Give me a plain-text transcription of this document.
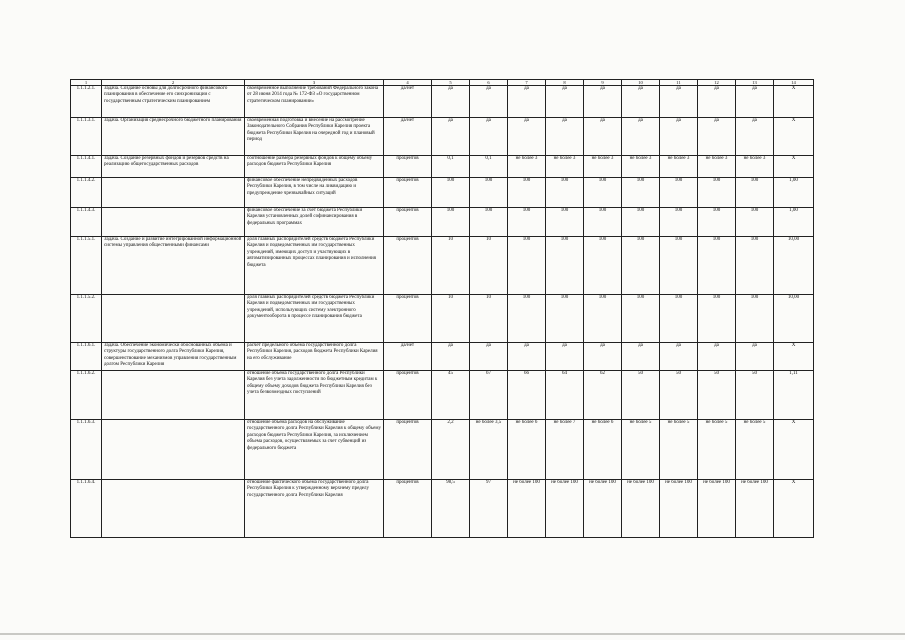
1	2	3	4	5	6	7	8	9	10	11	12	13	14
1.1.1.2.1.	Задача. Создание основы для долгосрочного финансового планирования в обеспечение его синхронизации с государственным стратегическим планированием	своевременное выполнение требований Федерального закона от 28 июня 2014 года № 172-ФЗ «О государственном стратегическом планировании»	да/нет	да	да	да	да	да	да	да	да	да	X
1.1.1.3.1.	Задача. Организация среднесрочного бюджетного планирования	своевременная подготовка и внесение на рассмотрение Законодательного Собрания Республики Карелия проекта бюджета Республики Карелия на очередной год и плановый период	да/нет	да	да	да	да	да	да	да	да	да	X
1.1.1.4.1.	Задача. Создание резервных фондов и резервов средств на реализацию общегосударственных расходов	соотношение размера резервных фондов к общему объему расходов бюджета Республики Карелия	процентов	0,1	0,1	не более 3	не более 3	не более 3	не более 3	не более 3	не более 3	не более 3	X
1.1.1.4.2.		финансовое обеспечение непредвиденных расходов Республики Карелия, в том числе на ликвидацию и предупреждение чрезвычайных ситуаций	процентов	100	100	100	100	100	100	100	100	100	1,00
1.1.1.4.3.		финансовое обеспечение за счет бюджета Республики Карелия установленных долей софинансирования в федеральных программах	процентов	100	100	100	100	100	100	100	100	100	1,00
1.1.1.5.1.	Задача. Создание и развитие интегрированной информационной системы управления общественными финансами	доля главных распорядителей средств бюджета Республики Карелия и подведомственных им государственных учреждений, имеющих доступ и участвующих в автоматизированных процессах планирования и исполнения бюджета	процентов	10	10	100	100	100	100	100	100	100	10,00
1.1.1.5.2.		доля главных распорядителей средств бюджета Республики Карелия и подведомственных им государственных учреждений, использующих систему электронного документооборота в процессе планирования бюджета	процентов	10	10	100	100	100	100	100	100	100	10,00
1.1.1.6.1.	Задача. Обеспечение экономически обоснованных объема и структуры государственного долга Республики Карелия, совершенствование механизмов управления государственным долгом Республики Карелия	расчет предельного объема государственного долга Республики Карелия, расходов бюджета Республики Карелия на его обслуживание	да/нет	да	да	да	да	да	да	да	да	да	X
1.1.1.6.2.		отношение объема государственного долга Республики Карелия без учета задолженности по бюджетным кредитам к общему объему доходов бюджета Республики Карелия без учета безвозмездных поступлений	процентов	45	67	66	64	62	50	50	50	50	1,11
1.1.1.6.3.		отношение объема расходов на обслуживание государственного долга Республики Карелия к общему объему расходов бюджета Республики Карелия, за исключением объема расходов, осуществляемых за счет субвенций из федерального бюджета	процентов	2,2	не более 3,5	не более 6	не более 7	не более 6	не более 5	не более 5	не более 5	не более 5	X
1.1.1.6.4.		отношение фактического объема государственного долга Республики Карелия к утвержденному верхнему пределу государственного долга Республики Карелия	процентов	98,5	97	не более 100	не более 100	не более 100	не более 100	не более 100	не более 100	не более 100	X
